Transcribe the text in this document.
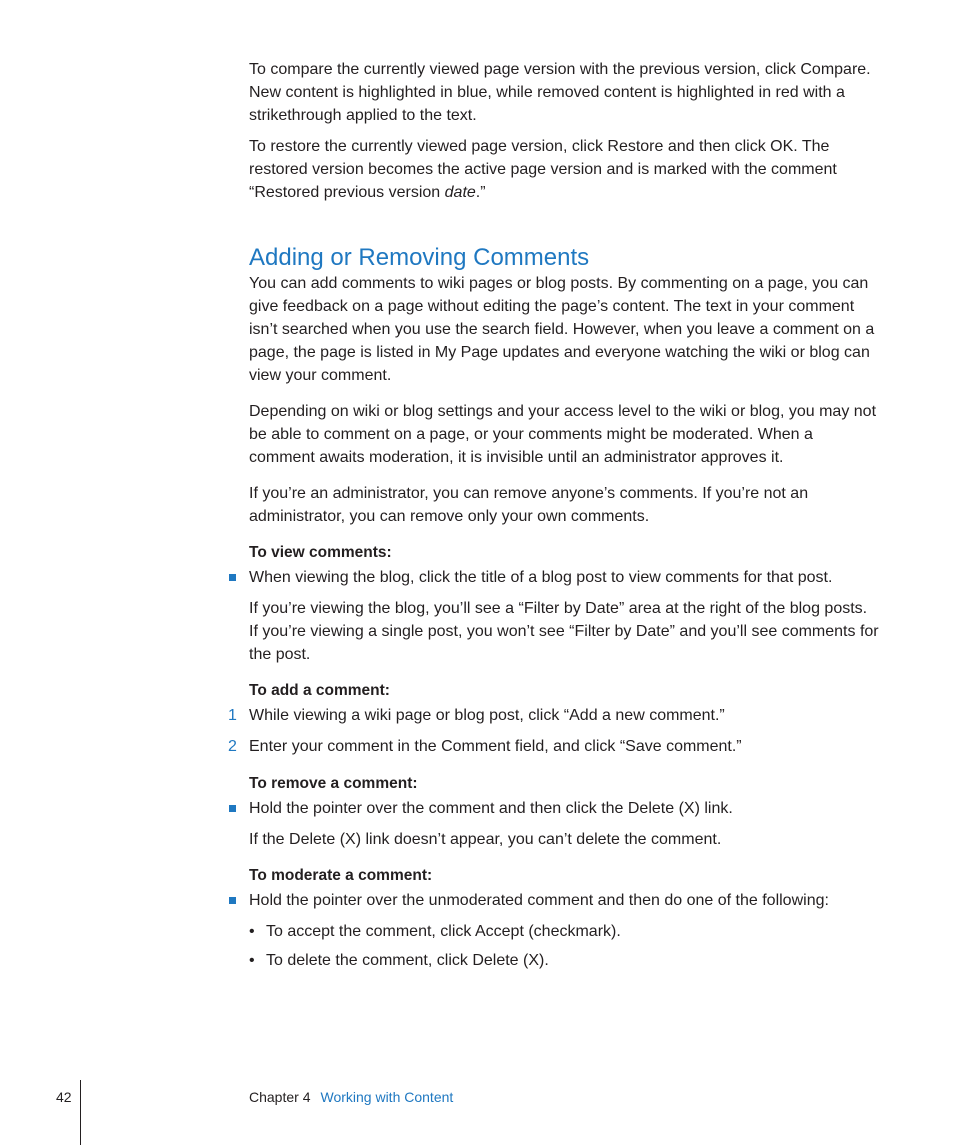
To compare the currently viewed page version with the previous version, click Compare. New content is highlighted in blue, while removed content is highlighted in red with a strikethrough applied to the text.

To restore the currently viewed page version, click Restore and then click OK. The restored version becomes the active page version and is marked with the comment “Restored previous version date.”

Adding or Removing Comments

You can add comments to wiki pages or blog posts. By commenting on a page, you can give feedback on a page without editing the page’s content. The text in your comment isn’t searched when you use the search field. However, when you leave a comment on a page, the page is listed in My Page updates and everyone watching the wiki or blog can view your comment.

Depending on wiki or blog settings and your access level to the wiki or blog, you may not be able to comment on a page, or your comments might be moderated. When a comment awaits moderation, it is invisible until an administrator approves it.

If you’re an administrator, you can remove anyone’s comments. If you’re not an administrator, you can remove only your own comments.

To view comments:
When viewing the blog, click the title of a blog post to view comments for that post.

If you’re viewing the blog, you’ll see a “Filter by Date” area at the right of the blog posts. If you’re viewing a single post, you won’t see “Filter by Date” and you’ll see comments for the post.

To add a comment:
1 While viewing a wiki page or blog post, click “Add a new comment.”
2 Enter your comment in the Comment field, and click “Save comment.”
To remove a comment:
Hold the pointer over the comment and then click the Delete (X) link.

If the Delete (X) link doesn’t appear, you can’t delete the comment.

To moderate a comment:
Hold the pointer over the unmoderated comment and then do one of the following:
• To accept the comment, click Accept (checkmark).
• To delete the comment, click Delete (X).
42	Chapter 4 Working with Content
